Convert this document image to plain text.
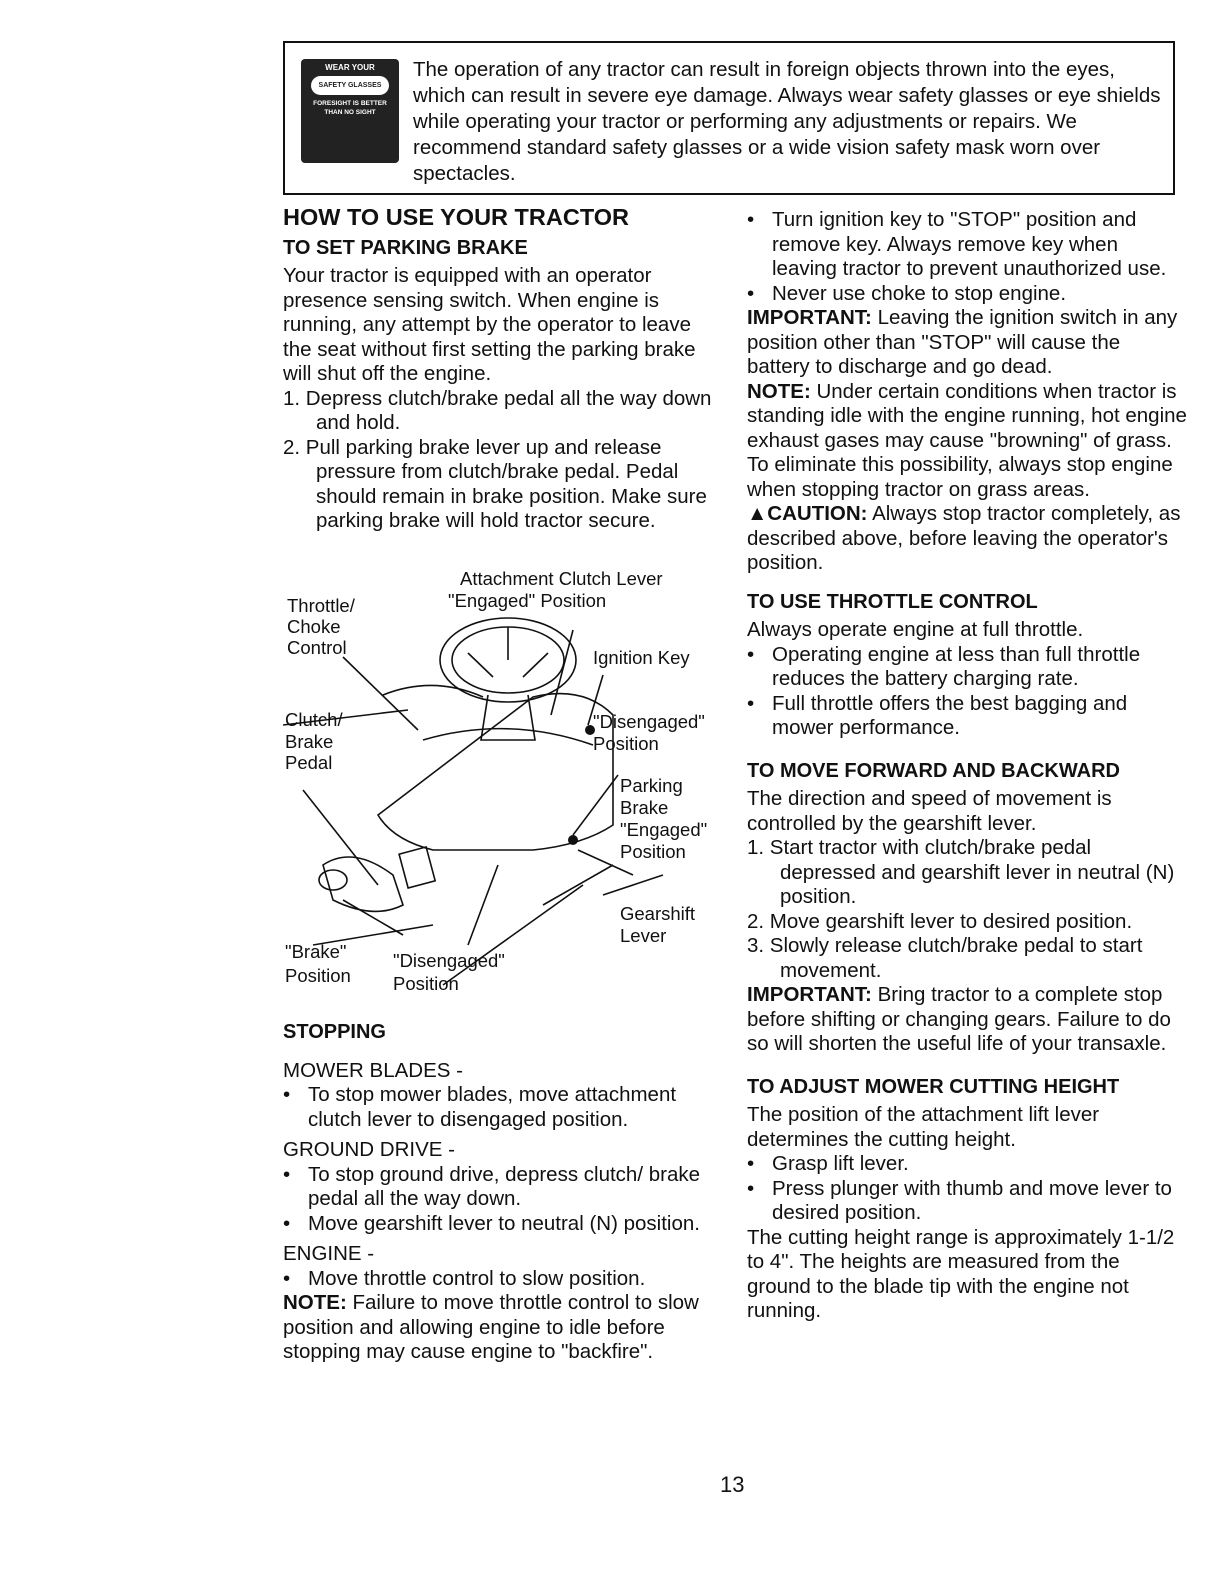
WEAR YOUR
SAFETY GLASSES
FORESIGHT IS BETTER THAN NO SIGHT
The operation of any tractor can result in foreign objects thrown into the eyes, which can result in severe eye damage. Always wear safety glasses or eye shields while operating your tractor or performing any adjustments or repairs. We recommend standard safety glasses or a wide vision safety mask worn over spectacles.
HOW TO USE YOUR TRACTOR
TO SET PARKING BRAKE

Your tractor is equipped with an operator presence sensing switch. When engine is running, any attempt by the operator to leave the seat without first setting the parking brake will shut off the engine.

1. Depress clutch/brake pedal all the way down and hold.

2. Pull parking brake lever up and release pressure from clutch/brake pedal. Pedal should remain in brake position. Make sure parking brake will hold tractor secure.

Attachment Clutch Lever
"Engaged" Position
Throttle/
Choke
Control	Ignition Key
"Disengaged"
Position
Clutch/
Brake
Pedal
Parking
Brake
"Engaged"
Position
Gearshift
Lever
"Brake"
Position
"Disengaged"
Position
STOPPING

MOWER BLADES -

• To stop mower blades, move attachment clutch lever to disengaged position.

GROUND DRIVE -

• To stop ground drive, depress clutch/ brake pedal all the way down.

• Move gearshift lever to neutral (N) position.

ENGINE -

• Move throttle control to slow position.

NOTE: Failure to move throttle control to slow position and allowing engine to idle before stopping may cause engine to "backfire".

• Turn ignition key to "STOP" position and remove key. Always remove key when leaving tractor to prevent unauthorized use.

• Never use choke to stop engine.

IMPORTANT: Leaving the ignition switch in any position other than "STOP" will cause the battery to discharge and go dead.

NOTE: Under certain conditions when tractor is standing idle with the engine running, hot engine exhaust gases may cause "browning" of grass. To eliminate this possibility, always stop engine when stopping tractor on grass areas.

▲CAUTION: Always stop tractor completely, as described above, before leaving the operator's position.

TO USE THROTTLE CONTROL

Always operate engine at full throttle.

• Operating engine at less than full throttle reduces the battery charging rate.

• Full throttle offers the best bagging and mower performance.

TO MOVE FORWARD AND BACKWARD

The direction and speed of movement is controlled by the gearshift lever.

1. Start tractor with clutch/brake pedal depressed and gearshift lever in neutral (N) position.

2. Move gearshift lever to desired position.

3. Slowly release clutch/brake pedal to start movement.

IMPORTANT: Bring tractor to a complete stop before shifting or changing gears. Failure to do so will shorten the useful life of your transaxle.

TO ADJUST MOWER CUTTING HEIGHT

The position of the attachment lift lever determines the cutting height.

• Grasp lift lever.

• Press plunger with thumb and move lever to desired position.

The cutting height range is approximately 1-1/2 to 4". The heights are measured from the ground to the blade tip with the engine not running.

13
